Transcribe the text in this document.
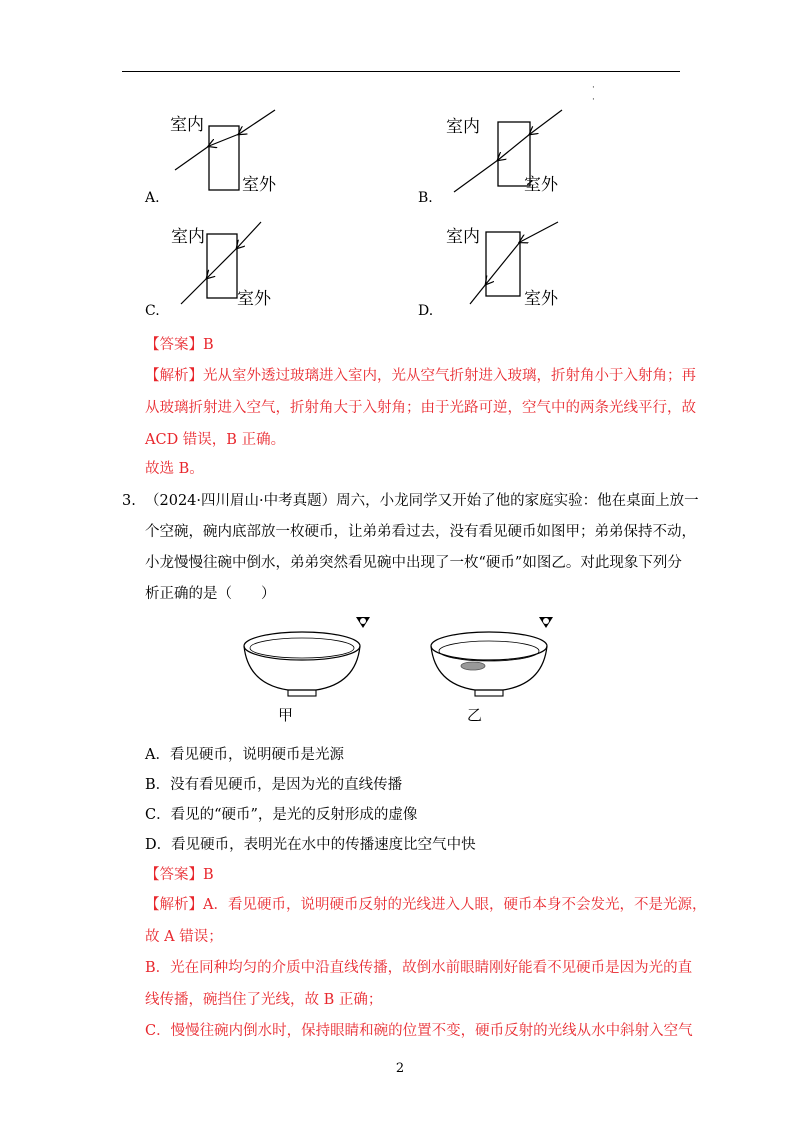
·
·
室内
室外
A.
室内
室外
B.
室内
室外
C.
室内
室外
D.
【答案】B
【解析】光从室外透过玻璃进入室内，光从空气折射进入玻璃，折射角小于入射角；再
从玻璃折射进入空气，折射角大于入射角；由于光路可逆，空气中的两条光线平行，故
ACD 错误，B 正确。
故选 B。
3. （2024·四川眉山·中考真题）周六，小龙同学又开始了他的家庭实验：他在桌面上放一
个空碗，碗内底部放一枚硬币，让弟弟看过去，没有看见硬币如图甲；弟弟保持不动，
小龙慢慢往碗中倒水，弟弟突然看见碗中出现了一枚“硬币”如图乙。对此现象下列分
析正确的是（　　）
甲	乙
A．看见硬币，说明硬币是光源
B．没有看见硬币，是因为光的直线传播
C．看见的“硬币”，是光的反射形成的虚像
D．看见硬币，表明光在水中的传播速度比空气中快
【答案】B
【解析】A．看见硬币，说明硬币反射的光线进入人眼，硬币本身不会发光，不是光源，
故 A 错误；
B．光在同种均匀的介质中沿直线传播，故倒水前眼睛刚好能看不见硬币是因为光的直
线传播，碗挡住了光线，故 B 正确；
C．慢慢往碗内倒水时，保持眼睛和碗的位置不变，硬币反射的光线从水中斜射入空气
2
